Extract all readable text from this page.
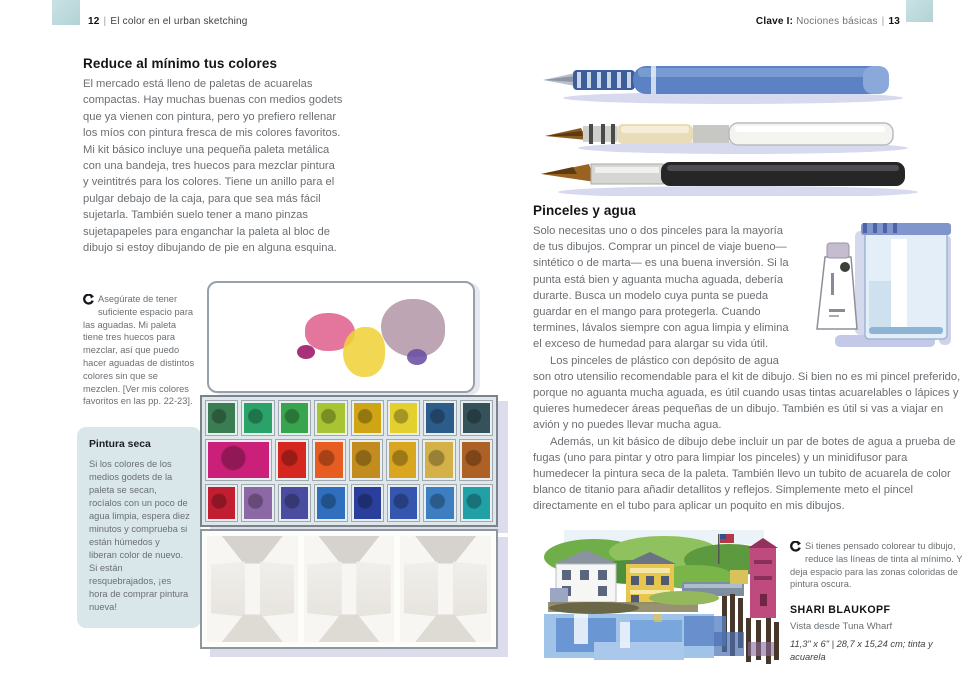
12 | El color en el urban sketching	Clave I: Nociones básicas | 13
Reduce al mínimo tus colores

El mercado está lleno de paletas de acuarelas compactas. Hay muchas buenas con medios godets que ya vienen con pintura, pero yo prefiero rellenar los míos con pintura fresca de mis colores favoritos. Mi kit básico incluye una pequeña paleta metálica con una bandeja, tres huecos para mezclar pintura y veintitrés para los colores. Tiene un anillo para el pulgar debajo de la caja, para que sea más fácil sujetarla. También suelo tener a mano pinzas sujetapapeles para enganchar la paleta al bloc de dibujo si estoy dibujando de pie en alguna esquina.

Asegúrate de tener suficiente espacio para las aguadas. Mi paleta tiene tres huecos para mezclar, así que puedo hacer aguadas de distintos colores sin que se mezclen. [Ver mis colores favoritos en las pp. 22-23].
Pintura seca

Si los colores de los medios godets de la paleta se secan, rocíalos con un poco de agua limpia, espera diez minutos y comprueba si están húmedos y liberan color de nuevo. Si están resquebrajados, ¡es hora de comprar pintura nueva!

Pinceles y agua

Solo necesitas uno o dos pinceles para la mayoría de tus dibujos. Comprar un pincel de viaje bueno— sintético o de marta— es una buena inversión. Si la punta está bien y aguanta mucha aguada, debería durarte. Busca un modelo cuya punta se pueda guardar en el mango para protegerla. Cuando termines, lávalos siempre con agua limpia y elimina el exceso de humedad para alargar su vida útil.

Los pinceles de plástico con depósito de agua son otro utensilio recomendable para el kit de dibujo. Si bien no es mi pincel preferido, porque no aguanta mucha aguada, es útil cuando usas tintas acuarelables o lápices y quieres humedecer áreas pequeñas de un dibujo. También es útil si vas a viajar en avión y no puedes llevar mucha agua.

Además, un kit básico de dibujo debe incluir un par de botes de agua a prueba de fugas (uno para pintar y otro para limpiar los pinceles) y un minidifusor para humedecer la pintura seca de la paleta. También llevo un tubito de acuarela de color blanco de titanio para añadir detallitos y reflejos. Simplemente meto el pincel directamente en el tubo para aplicar un poquito en mis dibujos.

Si tienes pensado colorear tu dibujo, reduce las líneas de tinta al mínimo. Y deja espacio para las zonas coloridas de pintura oscura.
SHARI BLAUKOPF
Vista desde Tuna Wharf
11,3" x 6" | 28,7 x 15,24 cm; tinta y acuarela
